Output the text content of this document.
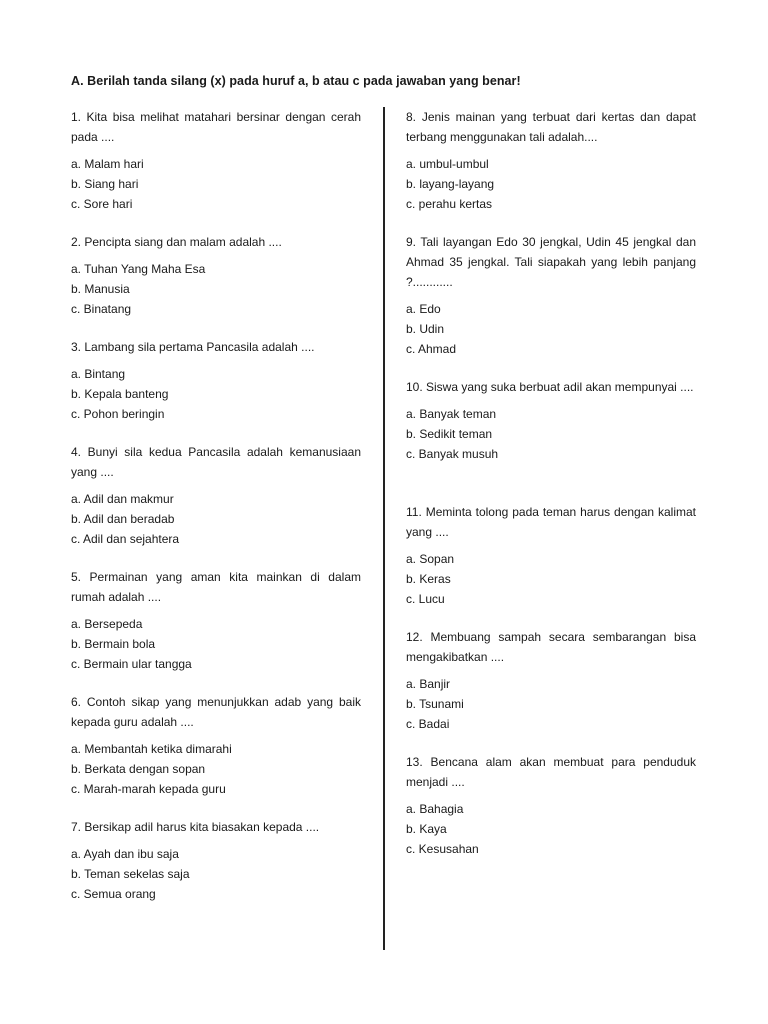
A. Berilah tanda silang (x) pada huruf a, b atau c pada jawaban yang benar!
1. Kita bisa melihat matahari bersinar dengan cerah pada ....
a. Malam hari
b. Siang hari
c. Sore hari
2. Pencipta siang dan malam adalah ....
a. Tuhan Yang Maha Esa
b. Manusia
c. Binatang
3. Lambang sila pertama Pancasila adalah ....
a. Bintang
b. Kepala banteng
c. Pohon beringin
4. Bunyi sila kedua Pancasila adalah kemanusiaan yang ....
a. Adil dan makmur
b. Adil dan beradab
c. Adil dan sejahtera
5. Permainan yang aman kita mainkan di dalam rumah adalah ....
a. Bersepeda
b. Bermain bola
c. Bermain ular tangga
6. Contoh sikap yang menunjukkan adab yang baik kepada guru adalah ....
a. Membantah ketika dimarahi
b. Berkata dengan sopan
c. Marah-marah kepada guru
7. Bersikap adil harus kita biasakan kepada ....
a. Ayah dan ibu saja
b. Teman sekelas saja
c. Semua orang
8. Jenis mainan yang terbuat dari kertas dan dapat terbang menggunakan tali adalah....
a. umbul-umbul
b. layang-layang
c. perahu kertas
9. Tali layangan Edo 30 jengkal, Udin 45 jengkal dan Ahmad 35 jengkal. Tali siapakah yang lebih panjang ?............
a. Edo
b. Udin
c. Ahmad
10. Siswa yang suka berbuat adil akan mempunyai ....
a. Banyak teman
b. Sedikit teman
c. Banyak musuh
11. Meminta tolong pada teman harus dengan kalimat yang ....
a. Sopan
b. Keras
c. Lucu
12. Membuang sampah secara sembarangan bisa mengakibatkan ....
a. Banjir
b. Tsunami
c. Badai
13. Bencana alam akan membuat para penduduk menjadi ....
a. Bahagia
b. Kaya
c. Kesusahan
